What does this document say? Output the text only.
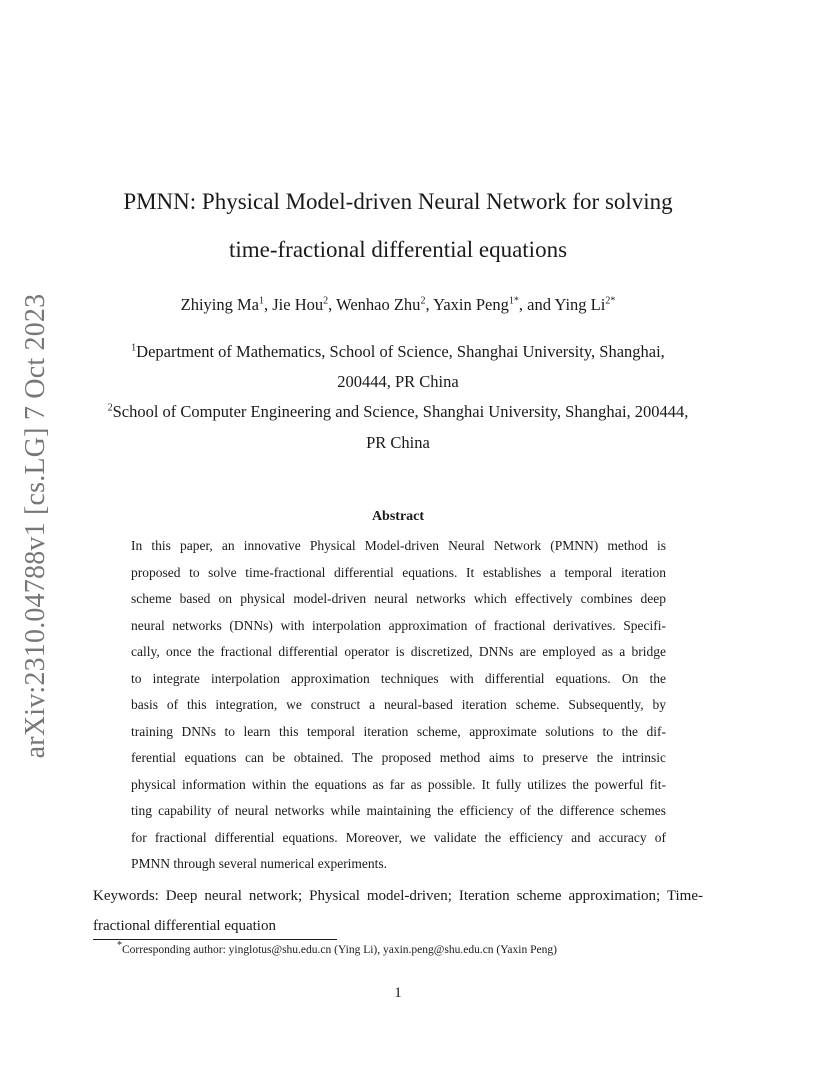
arXiv:2310.04788v1 [cs.LG] 7 Oct 2023
PMNN: Physical Model-driven Neural Network for solving
time-fractional differential equations
Zhiying Ma$^1$, Jie Hou$^2$, Wenhao Zhu$^2$, Yaxin Peng$^{1*}$, and Ying $Li^{2*}$
$^1$Department of Mathematics, School of Science, Shanghai University, Shanghai,
200444, PR China
$^2$School of Computer Engineering and Science, Shanghai University, Shanghai, 200444,
PR China
Abstract
In this paper, an innovative Physical Model-driven Neural Network (PMNN) method is
proposed to solve time-fractional differential equations. It establishes a temporal iteration
scheme based on physical model-driven neural networks which effectively combines deep
neural networks (DNNs) with interpolation approximation of fractional derivatives. Specifi-
cally, once the fractional differential operator is discretized, DNNs are employed as a bridge
to integrate interpolation approximation techniques with differential equations. On the
basis of this integration, we construct a neural-based iteration scheme. Subsequently, by
training DNNs to learn this temporal iteration scheme, approximate solutions to the dif-
ferential equations can be obtained. The proposed method aims to preserve the intrinsic
physical information within the equations as far as possible. It fully utilizes the powerful fit-
ting capability of neural networks while maintaining the efficiency of the difference schemes
for fractional differential equations. Moreover, we validate the efficiency and accuracy of
PMNN through several numerical experiments.
Keywords: Deep neural network; Physical model-driven; Iteration scheme approximation; Time-
fractional differential equation
*Corresponding author: yinglotus@shu.edu.cn (Ying Li), yaxin.peng@shu.edu.cn (Yaxin Peng)
1
